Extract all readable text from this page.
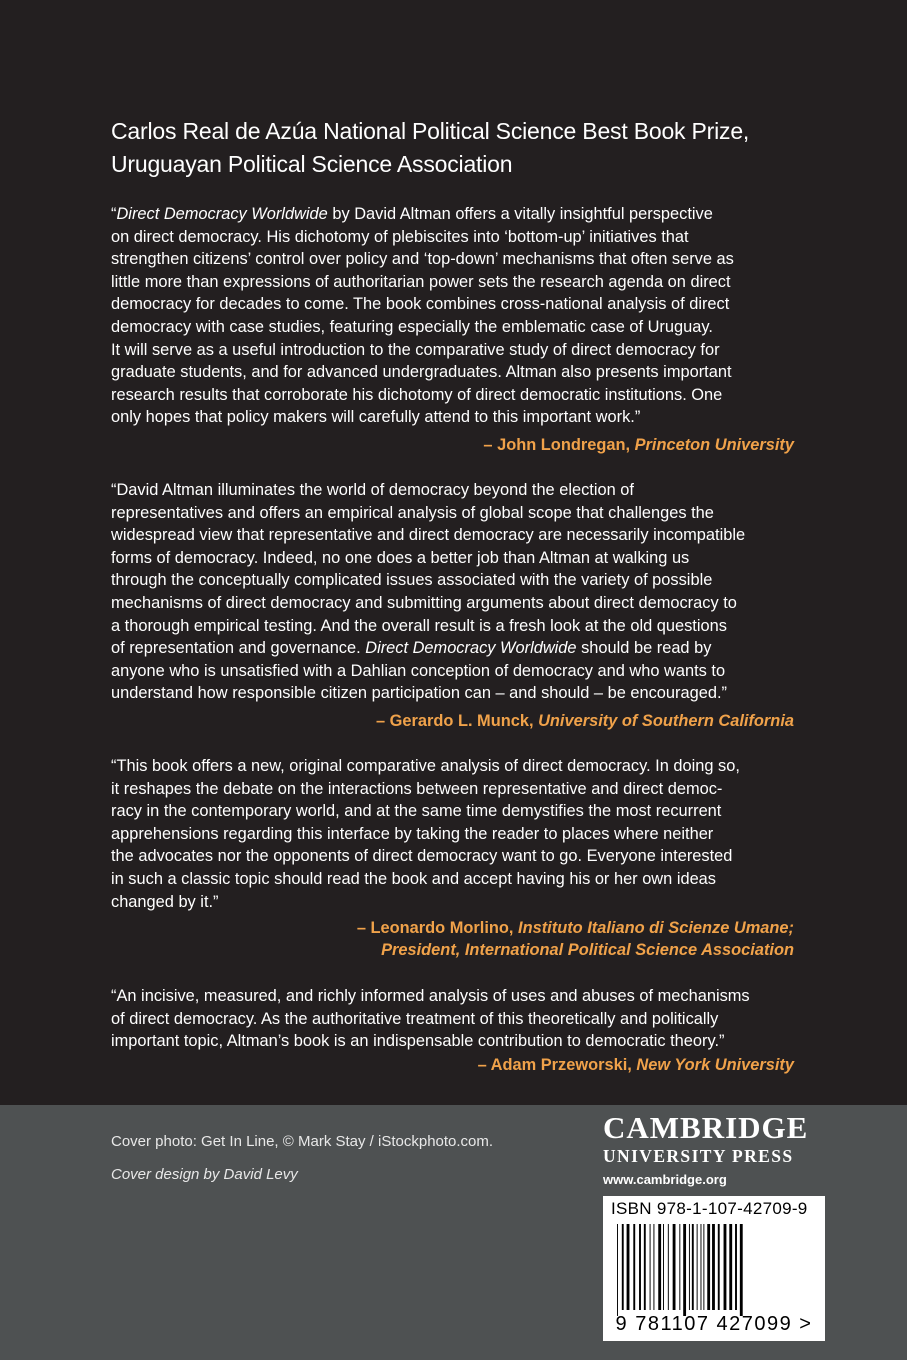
Carlos Real de Azúa National Political Science Best Book Prize,
Uruguayan Political Science Association
“Direct Democracy Worldwide by David Altman offers a vitally insightful perspective
on direct democracy. His dichotomy of plebiscites into ‘bottom-up’ initiatives that
strengthen citizens’ control over policy and ‘top-down’ mechanisms that often serve as
little more than expressions of authoritarian power sets the research agenda on direct
democracy for decades to come. The book combines cross-national analysis of direct
democracy with case studies, featuring especially the emblematic case of Uruguay.
It will serve as a useful introduction to the comparative study of direct democracy for
graduate students, and for advanced undergraduates. Altman also presents important
research results that corroborate his dichotomy of direct democratic institutions. One
only hopes that policy makers will carefully attend to this important work.”
– John Londregan, Princeton University
“David Altman illuminates the world of democracy beyond the election of
representatives and offers an empirical analysis of global scope that challenges the
widespread view that representative and direct democracy are necessarily incompatible
forms of democracy. Indeed, no one does a better job than Altman at walking us
through the conceptually complicated issues associated with the variety of possible
mechanisms of direct democracy and submitting arguments about direct democracy to
a thorough empirical testing. And the overall result is a fresh look at the old questions
of representation and governance. Direct Democracy Worldwide should be read by
anyone who is unsatisfied with a Dahlian conception of democracy and who wants to
understand how responsible citizen participation can – and should – be encouraged.”
– Gerardo L. Munck, University of Southern California
“This book offers a new, original comparative analysis of direct democracy. In doing so,
it reshapes the debate on the interactions between representative and direct democ-
racy in the contemporary world, and at the same time demystifies the most recurrent
apprehensions regarding this interface by taking the reader to places where neither
the advocates nor the opponents of direct democracy want to go. Everyone interested
in such a classic topic should read the book and accept having his or her own ideas
changed by it.”
– Leonardo Morlino, Instituto Italiano di Scienze Umane;
President, International Political Science Association
“An incisive, measured, and richly informed analysis of uses and abuses of mechanisms
of direct democracy. As the authoritative treatment of this theoretically and politically
important topic, Altman’s book is an indispensable contribution to democratic theory.”
– Adam Przeworski, New York University
Cover photo: Get In Line, © Mark Stay / iStockphoto.com.
Cover design by David Levy
CAMBRIDGE
UNIVERSITY PRESS
www.cambridge.org
ISBN 978-1-107-42709-9
9 781107 427099 >
